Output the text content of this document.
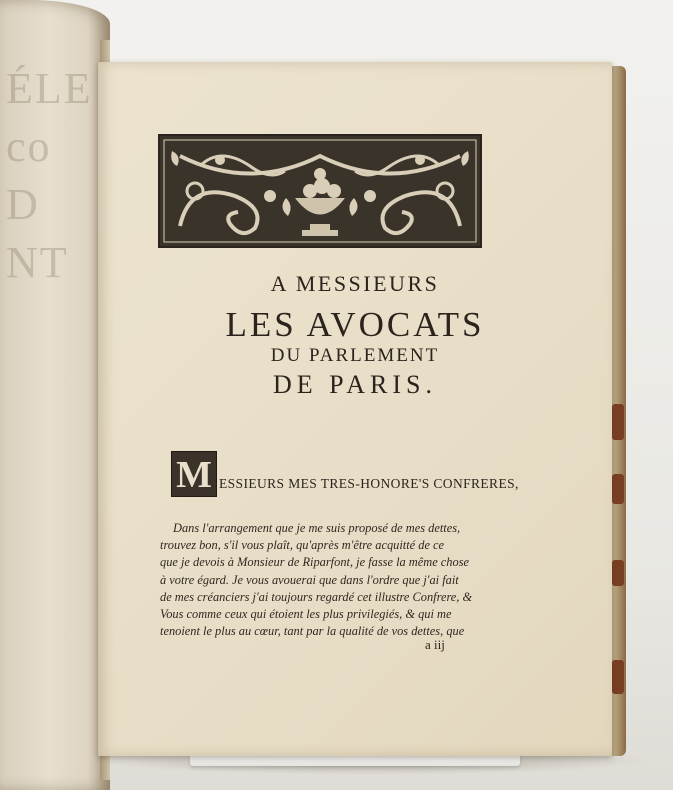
ÉLE
co
D
NT	A MESSIEURS
LES AVOCATS
DU PARLEMENT
DE PARIS.
M ESSIEURS MES TRES-HONORE'S CONFRERES,
Dans l'arrangement que je me suis proposé de mes dettes,
trouvez bon, s'il vous plaît, qu'après m'être acquitté de ce
que je devois à Monsieur de Riparfont, je fasse la même chose
à votre égard. Je vous avouerai que dans l'ordre que j'ai fait
de mes créanciers j'ai toujours regardé cet illustre Confrere, &
Vous comme ceux qui étoient les plus privilegiés, & qui me
tenoient le plus au cœur, tant par la qualité de vos dettes, que
a iij
